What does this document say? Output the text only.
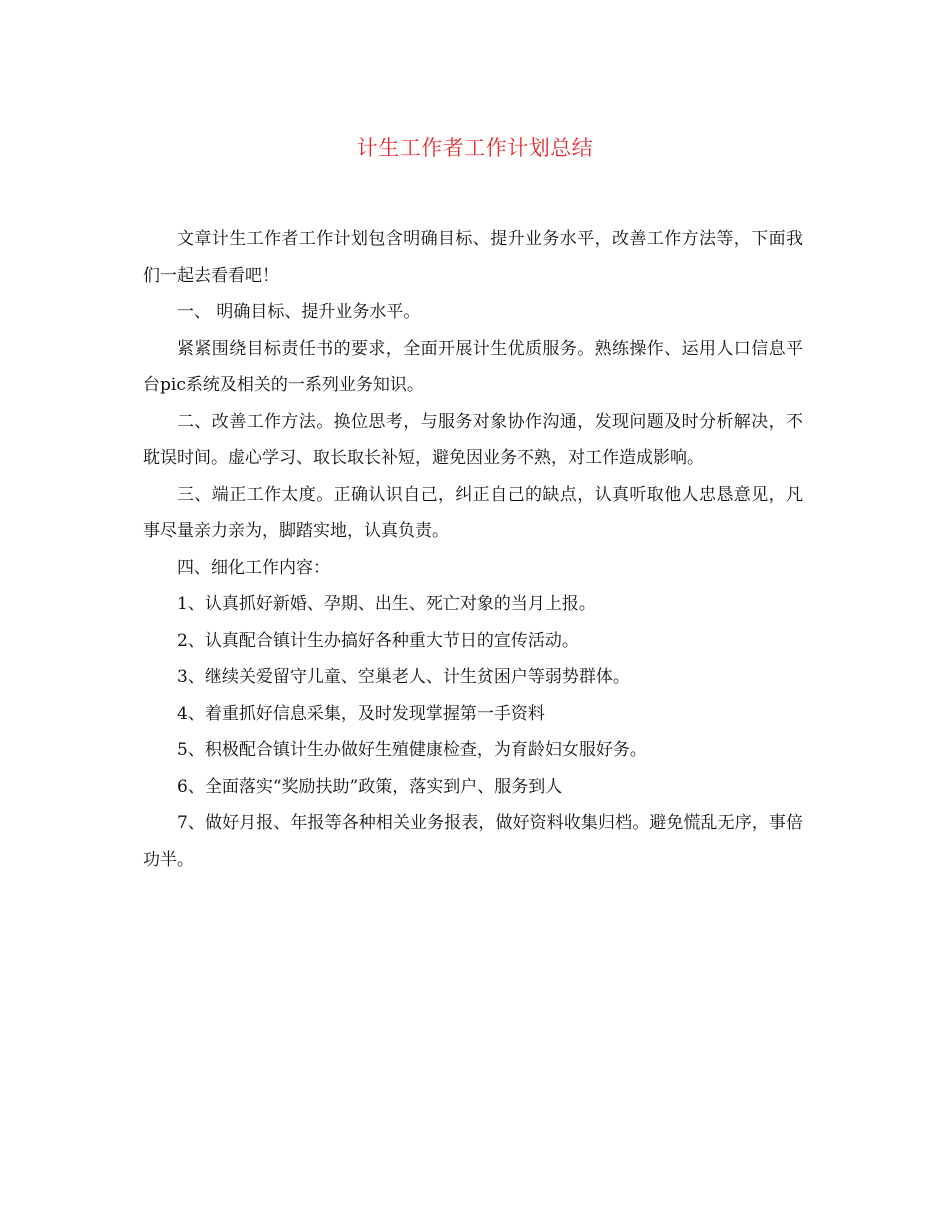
计生工作者工作计划总结

文章计生工作者工作计划包含明确目标、提升业务水平，改善工作方法等，下面我们一起去看看吧！

一、 明确目标、提升业务水平。

紧紧围绕目标责任书的要求，全面开展计生优质服务。熟练操作、运用人口信息平台pic系统及相关的一系列业务知识。

二、改善工作方法。换位思考，与服务对象协作沟通，发现问题及时分析解决，不耽误时间。虚心学习、取长取长补短，避免因业务不熟，对工作造成影响。

三、端正工作太度。正确认识自己，纠正自己的缺点，认真听取他人忠恳意见，凡事尽量亲力亲为，脚踏实地，认真负责。

四、细化工作内容：

1、认真抓好新婚、孕期、出生、死亡对象的当月上报。

2、认真配合镇计生办搞好各种重大节日的宣传活动。

3、继续关爱留守儿童、空巢老人、计生贫困户等弱势群体。

4、着重抓好信息采集，及时发现掌握第一手资料

5、积极配合镇计生办做好生殖健康检查，为育龄妇女服好务。

6、全面落实“奖励扶助”政策，落实到户、服务到人

7、做好月报、年报等各种相关业务报表，做好资料收集归档。避免慌乱无序，事倍功半。
